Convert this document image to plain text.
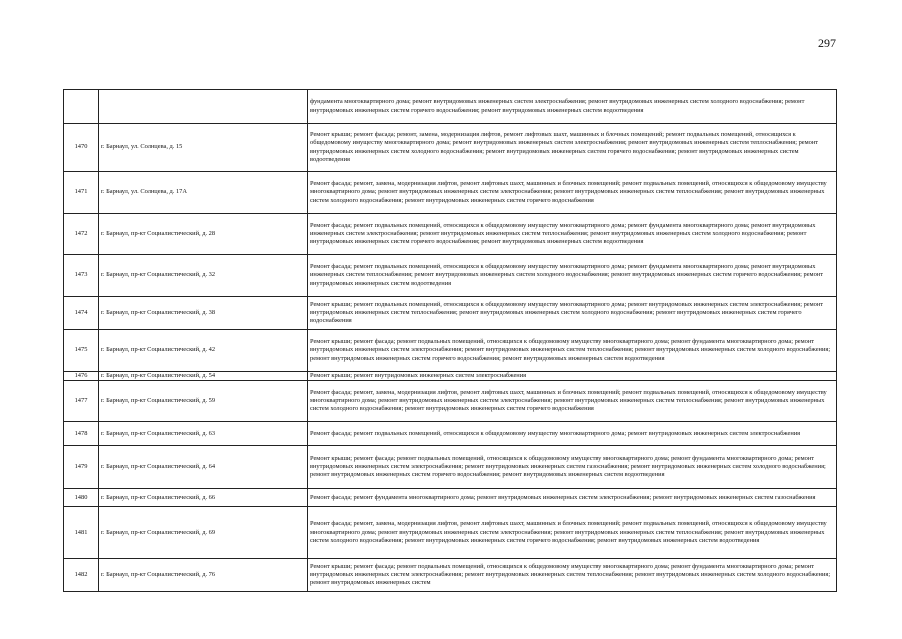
297
		фундамента многоквартирного дома; ремонт внутридомовых инженерных систем электроснабжения; ремонт внутридомовых инженерных систем холодного водоснабжения; ремонт внутридомовых инженерных систем горячего водоснабжения; ремонт внутридомовых инженерных систем водоотведения
1470	г. Барнаул, ул. Солнцева, д. 15	Ремонт крыши; ремонт фасада; ремонт, замена, модернизация лифтов, ремонт лифтовых шахт, машинных и блочных помещений; ремонт подвальных помещений, относящихся к общедомовому имуществу многоквартирного дома; ремонт внутридомовых инженерных систем электроснабжения; ремонт внутридомовых инженерных систем теплоснабжения; ремонт внутридомовых инженерных систем холодного водоснабжения; ремонт внутридомовых инженерных систем горячего водоснабжения; ремонт внутридомовых инженерных систем водоотведения
1471	г. Барнаул, ул. Солнцева, д. 17А	Ремонт фасада; ремонт, замена, модернизация лифтов, ремонт лифтовых шахт, машинных и блочных помещений; ремонт подвальных помещений, относящихся к общедомовому имуществу многоквартирного дома; ремонт внутридомовых инженерных систем электроснабжения; ремонт внутридомовых инженерных систем теплоснабжения; ремонт внутридомовых инженерных систем холодного водоснабжения; ремонт внутридомовых инженерных систем горячего водоснабжения
1472	г. Барнаул, пр-кт Социалистический, д. 28	Ремонт фасада; ремонт подвальных помещений, относящихся к общедомовому имуществу многоквартирного дома; ремонт фундамента многоквартирного дома; ремонт внутридомовых инженерных систем электроснабжения; ремонт внутридомовых инженерных систем теплоснабжения; ремонт внутридомовых инженерных систем холодного водоснабжения; ремонт внутридомовых инженерных систем горячего водоснабжения; ремонт внутридомовых инженерных систем водоотведения
1473	г. Барнаул, пр-кт Социалистический, д. 32	Ремонт фасада; ремонт подвальных помещений, относящихся к общедомовому имуществу многоквартирного дома; ремонт фундамента многоквартирного дома; ремонт внутридомовых инженерных систем теплоснабжения; ремонт внутридомовых инженерных систем холодного водоснабжения; ремонт внутридомовых инженерных систем горячего водоснабжения; ремонт внутридомовых инженерных систем водоотведения
1474	г. Барнаул, пр-кт Социалистический, д. 38	Ремонт крыши; ремонт подвальных помещений, относящихся к общедомовому имуществу многоквартирного дома; ремонт внутридомовых инженерных систем электроснабжения; ремонт внутридомовых инженерных систем теплоснабжения; ремонт внутридомовых инженерных систем холодного водоснабжения; ремонт внутридомовых инженерных систем горячего водоснабжения
1475	г. Барнаул, пр-кт Социалистический, д. 42	Ремонт крыши; ремонт фасада; ремонт подвальных помещений, относящихся к общедомовому имуществу многоквартирного дома; ремонт фундамента многоквартирного дома; ремонт внутридомовых инженерных систем электроснабжения; ремонт внутридомовых инженерных систем теплоснабжения; ремонт внутридомовых инженерных систем холодного водоснабжения; ремонт внутридомовых инженерных систем горячего водоснабжения; ремонт внутридомовых инженерных систем водоотведения
1476	г. Барнаул, пр-кт Социалистический, д. 54	Ремонт крыши; ремонт внутридомовых инженерных систем электроснабжения
1477	г. Барнаул, пр-кт Социалистический, д. 59	Ремонт фасада; ремонт, замена, модернизация лифтов, ремонт лифтовых шахт, машинных и блочных помещений; ремонт подвальных помещений, относящихся к общедомовому имуществу многоквартирного дома; ремонт внутридомовых инженерных систем электроснабжения; ремонт внутридомовых инженерных систем теплоснабжения; ремонт внутридомовых инженерных систем холодного водоснабжения; ремонт внутридомовых инженерных систем горячего водоснабжения
1478	г. Барнаул, пр-кт Социалистический, д. 63	Ремонт фасада; ремонт подвальных помещений, относящихся к общедомовому имуществу многоквартирного дома; ремонт внутридомовых инженерных систем электроснабжения
1479	г. Барнаул, пр-кт Социалистический, д. 64	Ремонт крыши; ремонт фасада; ремонт подвальных помещений, относящихся к общедомовому имуществу многоквартирного дома; ремонт фундамента многоквартирного дома; ремонт внутридомовых инженерных систем электроснабжения; ремонт внутридомовых инженерных систем газоснабжения; ремонт внутридомовых инженерных систем холодного водоснабжения; ремонт внутридомовых инженерных систем горячего водоснабжения; ремонт внутридомовых инженерных систем водоотведения
1480	г. Барнаул, пр-кт Социалистический, д. 66	Ремонт фасада; ремонт фундамента многоквартирного дома; ремонт внутридомовых инженерных систем электроснабжения; ремонт внутридомовых инженерных систем газоснабжения
1481	г. Барнаул, пр-кт Социалистический, д. 69	Ремонт фасада; ремонт, замена, модернизация лифтов, ремонт лифтовых шахт, машинных и блочных помещений; ремонт подвальных помещений, относящихся к общедомовому имуществу многоквартирного дома; ремонт внутридомовых инженерных систем электроснабжения; ремонт внутридомовых инженерных систем теплоснабжения; ремонт внутридомовых инженерных систем холодного водоснабжения; ремонт внутридомовых инженерных систем горячего водоснабжения; ремонт внутридомовых инженерных систем водоотведения
1482	г. Барнаул, пр-кт Социалистический, д. 76	Ремонт крыши; ремонт фасада; ремонт подвальных помещений, относящихся к общедомовому имуществу многоквартирного дома; ремонт фундамента многоквартирного дома; ремонт внутридомовых инженерных систем электроснабжения; ремонт внутридомовых инженерных систем теплоснабжения; ремонт внутридомовых инженерных систем холодного водоснабжения; ремонт внутридомовых инженерных систем
